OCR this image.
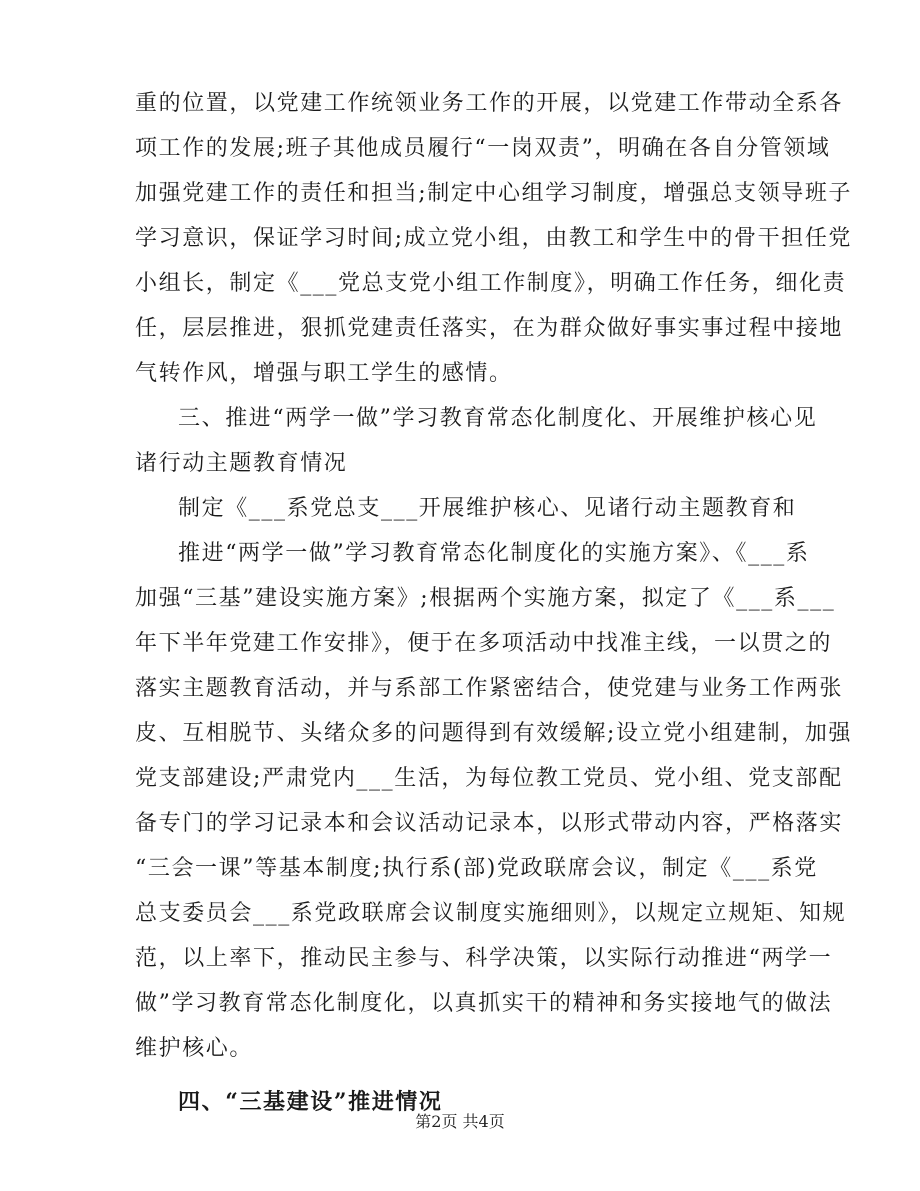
重的位置，以党建工作统领业务工作的开展，以党建工作带动全系各
项工作的发展;班子其他成员履行“一岗双责”，明确在各自分管领域
加强党建工作的责任和担当;制定中心组学习制度，增强总支领导班子
学习意识，保证学习时间;成立党小组，由教工和学生中的骨干担任党
小组长，制定《___党总支党小组工作制度》，明确工作任务，细化责
任，层层推进，狠抓党建责任落实，在为群众做好事实事过程中接地
气转作风，增强与职工学生的感情。
三、推进“两学一做”学习教育常态化制度化、开展维护核心见
诸行动主题教育情况
制定《___系党总支___开展维护核心、见诸行动主题教育和
推进“两学一做”学习教育常态化制度化的实施方案》、《___系
加强“三基”建设实施方案》;根据两个实施方案，拟定了《___系___
年下半年党建工作安排》，便于在多项活动中找准主线，一以贯之的
落实主题教育活动，并与系部工作紧密结合，使党建与业务工作两张
皮、互相脱节、头绪众多的问题得到有效缓解;设立党小组建制，加强
党支部建设;严肃党内___生活，为每位教工党员、党小组、党支部配
备专门的学习记录本和会议活动记录本，以形式带动内容，严格落实
“三会一课”等基本制度;执行系(部)党政联席会议，制定《___系党
总支委员会___系党政联席会议制度实施细则》，以规定立规矩、知规
范，以上率下，推动民主参与、科学决策，以实际行动推进“两学一
做”学习教育常态化制度化，以真抓实干的精神和务实接地气的做法
维护核心。
四、“三基建设”推进情况
第2页 共4页
